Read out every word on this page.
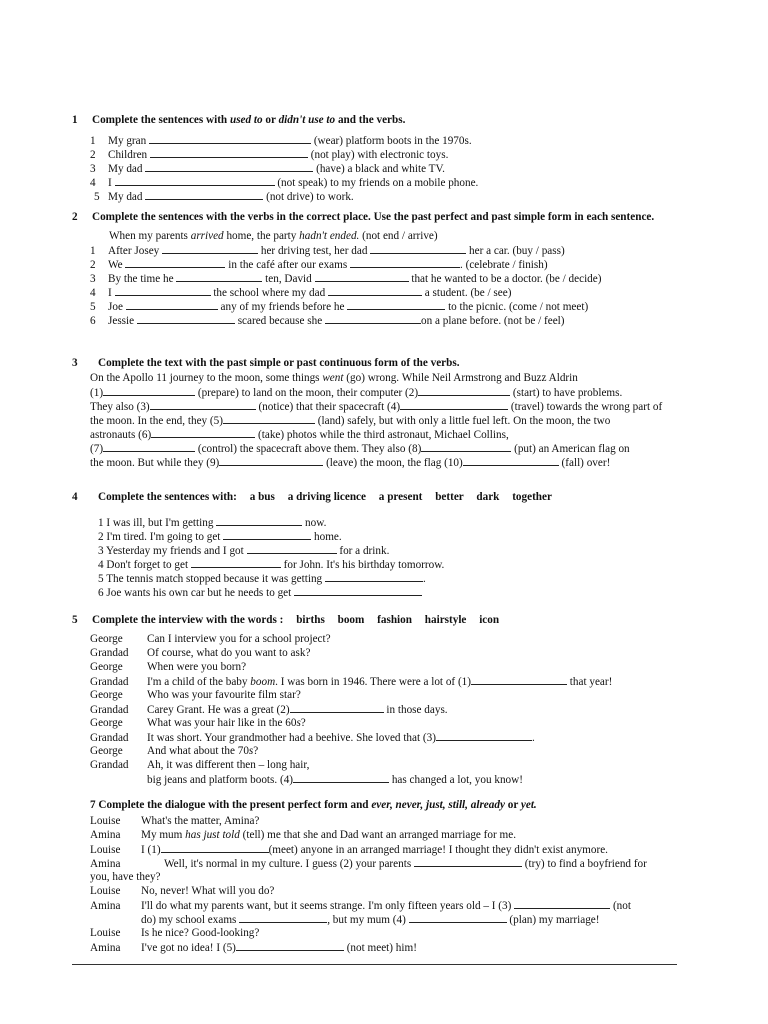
1 Complete the sentences with used to or didn't use to and the verbs.

1 My gran	(wear) platform boots in the 1970s.
2 Children	(not play) with electronic toys.
3 My dad	(have) a black and white TV.
4 I	(not speak) to my friends on a mobile phone.
5 My dad	(not drive) to work.

2 Complete the sentences with the verbs in the correct place. Use the past perfect and past simple form in each sentence.

When my parents arrived home, the party hadn't ended. (not end / arrive)
1 After Josey	her driving test, her dad	her a car. (buy / pass)
2 We	in the café after our exams	. (celebrate / finish)
3 By the time he	ten, David	that he wanted to be a doctor. (be / decide)
4 I	the school where my dad	a student. (be / see)
5 Joe	any of my friends before he	to the picnic. (come / not meet)
6 Jessie	scared because she	on a plane before. (not be / feel)

3 Complete the text with the past simple or past continuous form of the verbs.

On the Apollo 11 journey to the moon, some things went (go) wrong. While Neil Armstrong and Buzz Aldrin
(1)	(prepare) to land on the moon, their computer (2)	(start) to have problems.
They also (3)	(notice) that their spacecraft (4)	(travel) towards the wrong part of
the moon. In the end, they (5)	(land) safely, but with only a little fuel left. On the moon, the two
astronauts (6)	(take) photos while the third astronaut, Michael Collins,
(7)	(control) the spacecraft above them. They also (8)	(put) an American flag on
the moon. But while they (9)	(leave) the moon, the flag (10)	(fall) over!

4 Complete the sentences with: a bus a driving licence a present better dark together

1 I was ill, but I'm getting	now.
2 I'm tired. I'm going to get	home.
3 Yesterday my friends and I got	for a drink.
4 Don't forget to get	for John. It's his birthday tomorrow.
5 The tennis match stopped because it was getting	.
6 Joe wants his own car but he needs to get

5 Complete the interview with the words : births boom fashion hairstyle icon

George Can I interview you for a school project?
Grandad Of course, what do you want to ask?
George When were you born?
Grandad I'm a child of the baby boom. I was born in 1946. There were a lot of (1)	that year!
George Who was your favourite film star?
Grandad Carey Grant. He was a great (2)	in those days.
George What was your hair like in the 60s?
Grandad It was short. Your grandmother had a beehive. She loved that (3)	.
George And what about the 70s?
Grandad Ah, it was different then – long hair,
big jeans and platform boots. (4)	has changed a lot, you know!

7 Complete the dialogue with the present perfect form and ever, never, just, still, already or yet.

Louise What's the matter, Amina?
Amina My mum has just told (tell) me that she and Dad want an arranged marriage for me.
Louise I (1)	(meet) anyone in an arranged marriage! I thought they didn't exist anymore.
Amina	Well, it's normal in my culture. I guess (2) your parents	(try) to find a boyfriend for
you, have they?
Louise No, never! What will you do?
Amina I'll do what my parents want, but it seems strange. I'm only fifteen years old – I (3)	(not
do) my school exams	, but my mum (4)	(plan) my marriage!
Louise Is he nice? Good-looking?
Amina I've got no idea! I (5)	(not meet) him!
